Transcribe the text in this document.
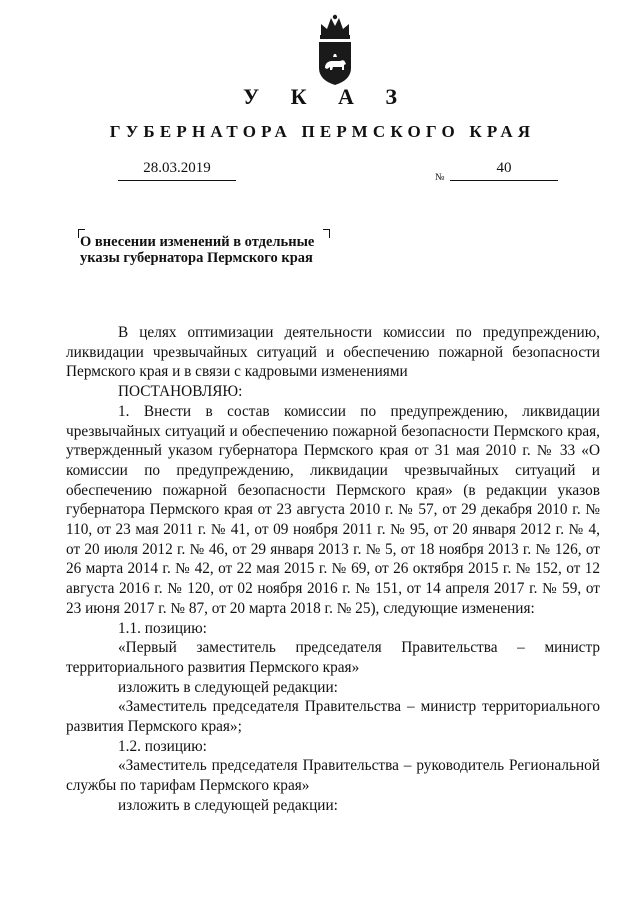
У К А З
ГУБЕРНАТОРА ПЕРМСКОГО КРАЯ
28.03.2019
№
40
О внесении изменений в отдельные
указы губернатора Пермского края

В целях оптимизации деятельности комиссии по предупреждению, ликвидации чрезвычайных ситуаций и обеспечению пожарной безопасности Пермского края и в связи с кадровыми изменениями

ПОСТАНОВЛЯЮ:

1. Внести в состав комиссии по предупреждению, ликвидации чрезвычайных ситуаций и обеспечению пожарной безопасности Пермского края, утвержденный указом губернатора Пермского края от 31 мая 2010 г. № 33 «О комиссии по предупреждению, ликвидации чрезвычайных ситуаций и обеспечению пожарной безопасности Пермского края» (в редакции указов губернатора Пермского края от 23 августа 2010 г. № 57, от 29 декабря 2010 г. № 110, от 23 мая 2011 г. № 41, от 09 ноября 2011 г. № 95, от 20 января 2012 г. № 4, от 20 июля 2012 г. № 46, от 29 января 2013 г. № 5, от 18 ноября 2013 г. № 126, от 26 марта 2014 г. № 42, от 22 мая 2015 г. № 69, от 26 октября 2015 г. № 152, от 12 августа 2016 г. № 120, от 02 ноября 2016 г. № 151, от 14 апреля 2017 г. № 59, от 23 июня 2017 г. № 87, от 20 марта 2018 г. № 25), следующие изменения:

1.1. позицию:

«Первый заместитель председателя Правительства – министр территориального развития Пермского края»

изложить в следующей редакции:

«Заместитель председателя Правительства – министр территориального развития Пермского края»;

1.2. позицию:

«Заместитель председателя Правительства – руководитель Региональной службы по тарифам Пермского края»

изложить в следующей редакции:
